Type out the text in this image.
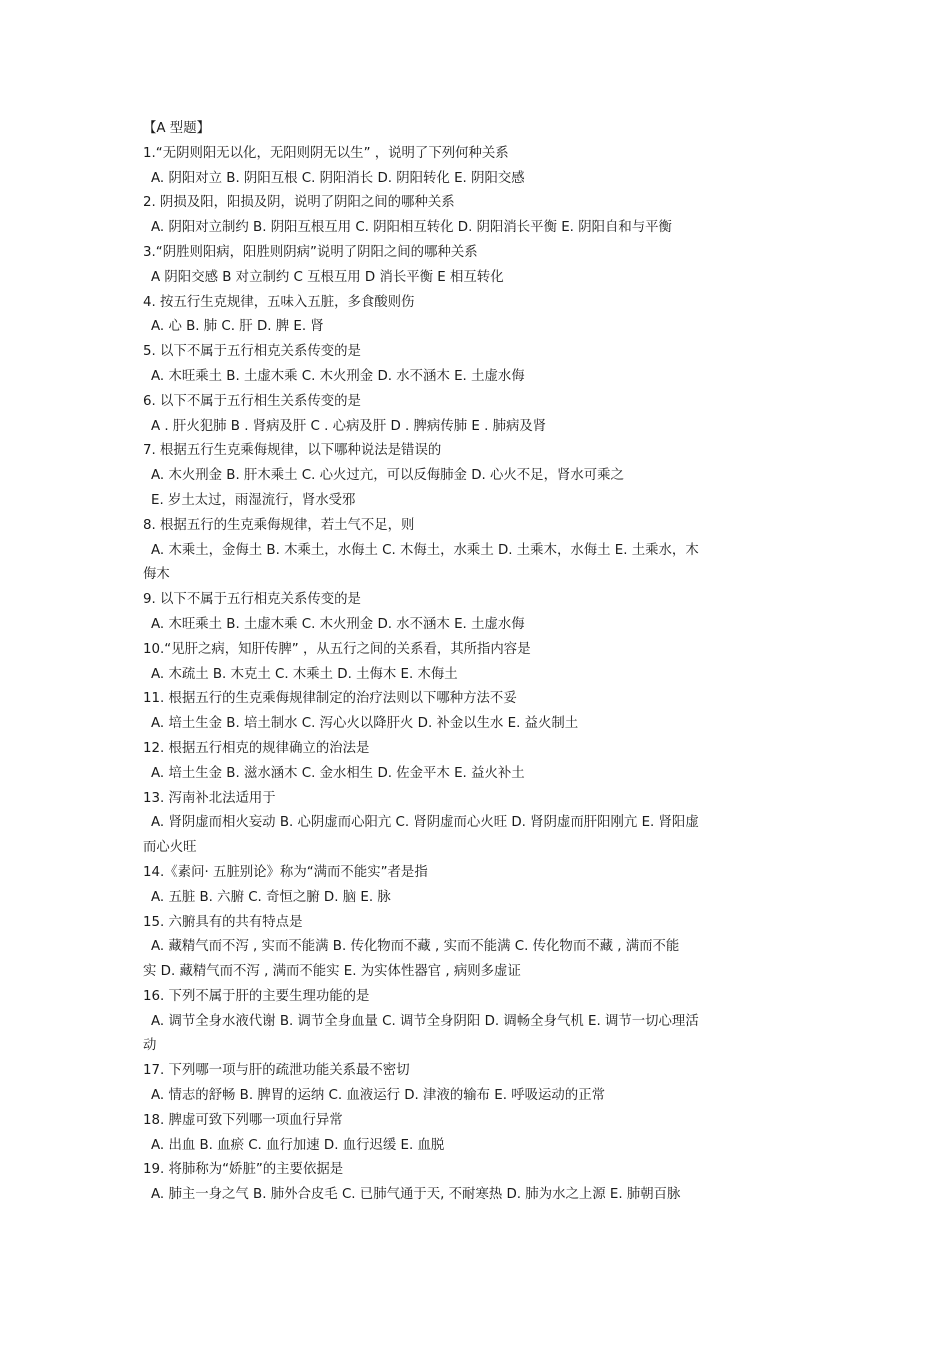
【A 型题】
1.“无阴则阳无以化，无阳则阴无以生” ，说明了下列何种关系
A. 阴阳对立 B. 阴阳互根 C. 阴阳消长 D. 阴阳转化 E. 阴阳交感
2. 阴损及阳，阳损及阴，说明了阴阳之间的哪种关系
A. 阴阳对立制约 B. 阴阳互根互用 C. 阴阳相互转化 D. 阴阳消长平衡 E. 阴阳自和与平衡
3.“阴胜则阳病，阳胜则阴病”说明了阴阳之间的哪种关系
A 阴阳交感 B 对立制约 C 互根互用 D 消长平衡 E 相互转化
4. 按五行生克规律，五味入五脏，多食酸则伤
A. 心 B. 肺 C. 肝 D. 脾 E. 肾
5. 以下不属于五行相克关系传变的是
A. 木旺乘土 B. 土虚木乘 C. 木火刑金 D. 水不涵木 E. 土虚水侮
6. 以下不属于五行相生关系传变的是
A . 肝火犯肺 B . 肾病及肝 C . 心病及肝 D . 脾病传肺 E . 肺病及肾
7. 根据五行生克乘侮规律，以下哪种说法是错误的
A. 木火刑金 B. 肝木乘土 C. 心火过亢，可以反侮肺金 D. 心火不足，肾水可乘之
E. 岁土太过，雨湿流行，肾水受邪
8. 根据五行的生克乘侮规律，若土气不足，则
A. 木乘土，金侮土 B. 木乘土，水侮土 C. 木侮土，水乘土 D. 土乘木，水侮土 E. 土乘水，木
侮木
9. 以下不属于五行相克关系传变的是
A. 木旺乘土 B. 土虚木乘 C. 木火刑金 D. 水不涵木 E. 土虚水侮
10.“见肝之病，知肝传脾” ，从五行之间的关系看，其所指内容是
A. 木疏土 B. 木克土 C. 木乘土 D. 土侮木 E. 木侮土
11. 根据五行的生克乘侮规律制定的治疗法则以下哪种方法不妥
A. 培土生金 B. 培土制水 C. 泻心火以降肝火 D. 补金以生水 E. 益火制土
12. 根据五行相克的规律确立的治法是
A. 培土生金 B. 滋水涵木 C. 金水相生 D. 佐金平木 E. 益火补土
13. 泻南补北法适用于
A. 肾阴虚而相火妄动 B. 心阴虚而心阳亢 C. 肾阴虚而心火旺 D. 肾阴虚而肝阳刚亢 E. 肾阳虚
而心火旺
14.《素问· 五脏别论》称为“满而不能实”者是指
A. 五脏 B. 六腑 C. 奇恒之腑 D. 脑 E. 脉
15. 六腑具有的共有特点是
A. 藏精气而不泻 , 实而不能满 B. 传化物而不藏 , 实而不能满 C. 传化物而不藏 , 满而不能
实 D. 藏精气而不泻 , 满而不能实 E. 为实体性器官 , 病则多虚证
16. 下列不属于肝的主要生理功能的是
A. 调节全身水液代谢 B. 调节全身血量 C. 调节全身阴阳 D. 调畅全身气机 E. 调节一切心理活
动
17. 下列哪一项与肝的疏泄功能关系最不密切
A. 情志的舒畅 B. 脾胃的运纳 C. 血液运行 D. 津液的输布 E. 呼吸运动的正常
18. 脾虚可致下列哪一项血行异常
A. 出血 B. 血瘀 C. 血行加速 D. 血行迟缓 E. 血脱
19. 将肺称为“娇脏”的主要依据是
A. 肺主一身之气 B. 肺外合皮毛 C. 已肺气通于天, 不耐寒热 D. 肺为水之上源 E. 肺朝百脉
